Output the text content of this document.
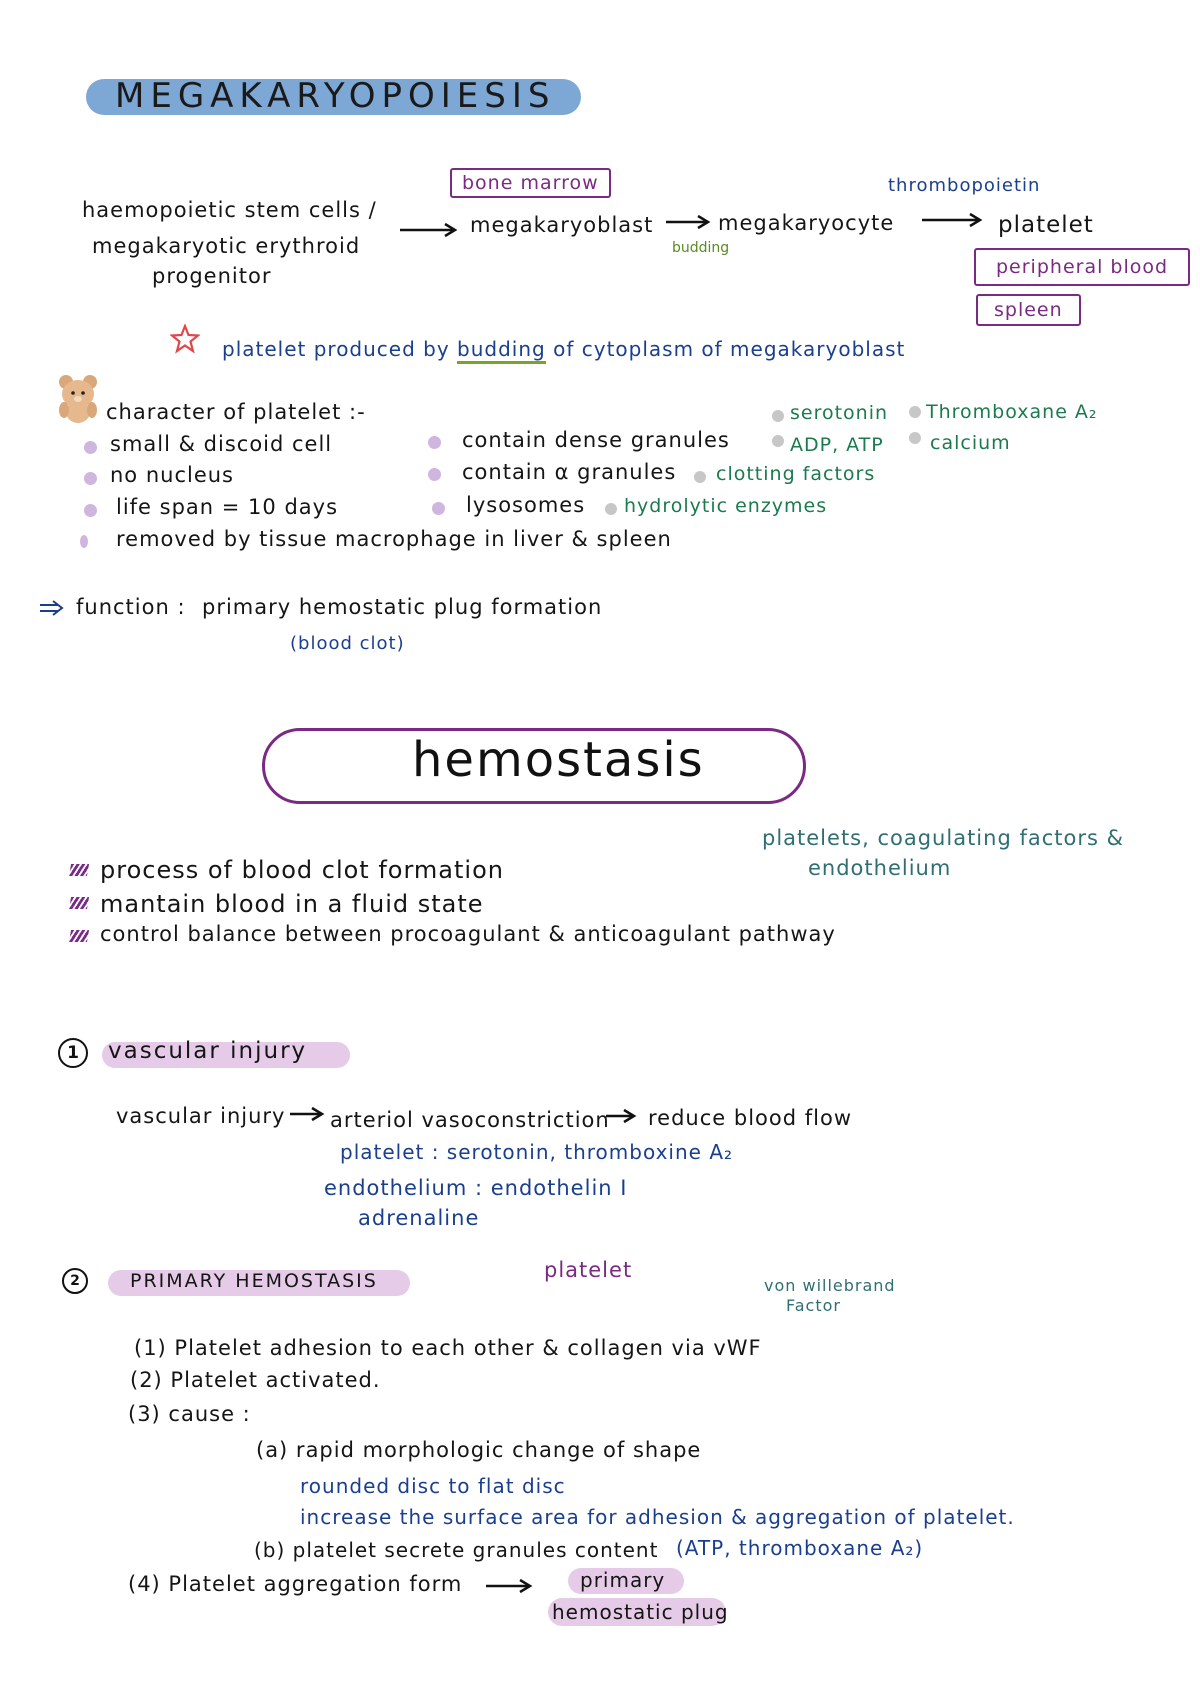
MEGAKARYOPOIESIS
haemopoietic stem cells /
megakaryotic erythroid
progenitor
bone marrow
megakaryoblast
budding
megakaryocyte
thrombopoietin
platelet
peripheral blood
spleen
platelet produced by budding of cytoplasm of megakaryoblast
character of platelet :-
small & discoid cell
no nucleus
life span = 10 days
removed by tissue macrophage in liver & spleen
contain dense granules
contain α granules
lysosomes
serotonin
ADP, ATP
Thromboxane A₂
calcium
clotting factors
hydrolytic enzymes
function : primary hemostatic plug formation
(blood clot)
hemostasis
platelets, coagulating factors &
endothelium
process of blood clot formation
mantain blood in a fluid state
control balance between procoagulant & anticoagulant pathway
1	vascular injury
vascular injury arteriol vasoconstriction reduce blood flow
platelet : serotonin, thromboxine A₂
endothelium : endothelin I
adrenaline
2	PRIMARY HEMOSTASIS	platelet
von willebrand
Factor
(1) Platelet adhesion to each other & collagen via vWF
(2) Platelet activated.
(3) cause :
(a) rapid morphologic change of shape
rounded disc to flat disc
increase the surface area for adhesion & aggregation of platelet.
(b) platelet secrete granules content (ATP, thromboxane A₂)
(4) Platelet aggregation form	primary
hemostatic plug
